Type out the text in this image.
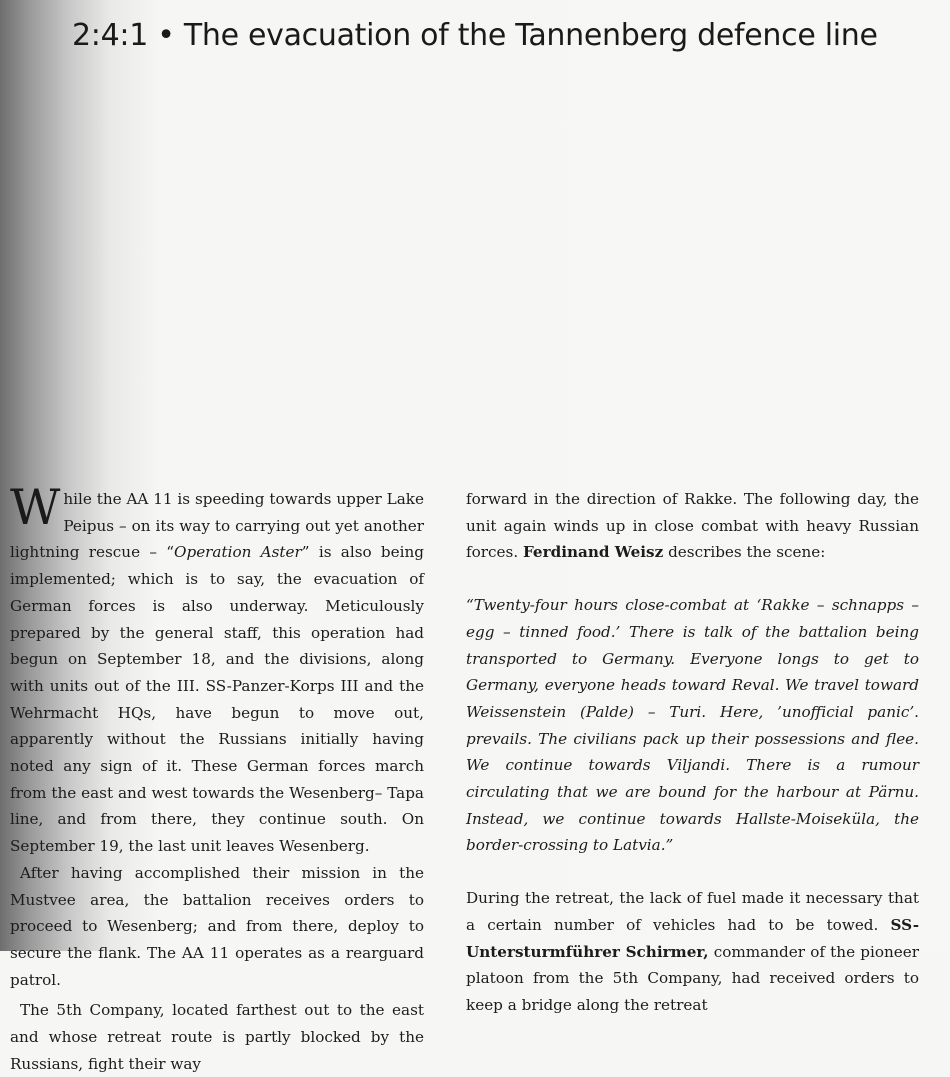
2:4:1 • The evacuation of the Tannenberg defence line

While the AA 11 is speeding towards upper Lake Peipus – on its way to carrying out yet another lightning rescue – “Operation Aster” is also being implemented; which is to say, the evacuation of German forces is also underway. Meticulously prepared by the general staff, this operation had begun on September 18, and the divisions, along with units out of the III. SS-Panzer-Korps III and the Wehrmacht HQs, have begun to move out, apparently without the Russians initially having noted any sign of it. These German forces march from the east and west towards the Wesenberg– Tapa line, and from there, they continue south. On September 19, the last unit leaves Wesenberg.

After having accomplished their mission in the Mustvee area, the battalion receives orders to proceed to Wesenberg; and from there, deploy to secure the flank. The AA 11 operates as a rearguard patrol.

The 5th Company, located farthest out to the east and whose retreat route is partly blocked by the Russians, fight their way

forward in the direction of Rakke. The following day, the unit again winds up in close combat with heavy Russian forces. Ferdinand Weisz describes the scene:

“Twenty-four hours close-combat at ‘Rakke – schnapps – egg – tinned food.’ There is talk of the battalion being transported to Germany. Everyone longs to get to Germany, everyone heads toward Reval. We travel toward Weissenstein (Palde) – Turi. Here, ’unofficial panic’. prevails. The civilians pack up their possessions and flee. We continue towards Viljandi. There is a rumour circulating that we are bound for the harbour at Pärnu. Instead, we continue towards Hallste-Moiseküla, the border-crossing to Latvia.”

During the retreat, the lack of fuel made it necessary that a certain number of vehicles had to be towed. SS-Untersturmführer Schirmer, commander of the pioneer platoon from the 5th Company, had received orders to keep a bridge along the retreat
